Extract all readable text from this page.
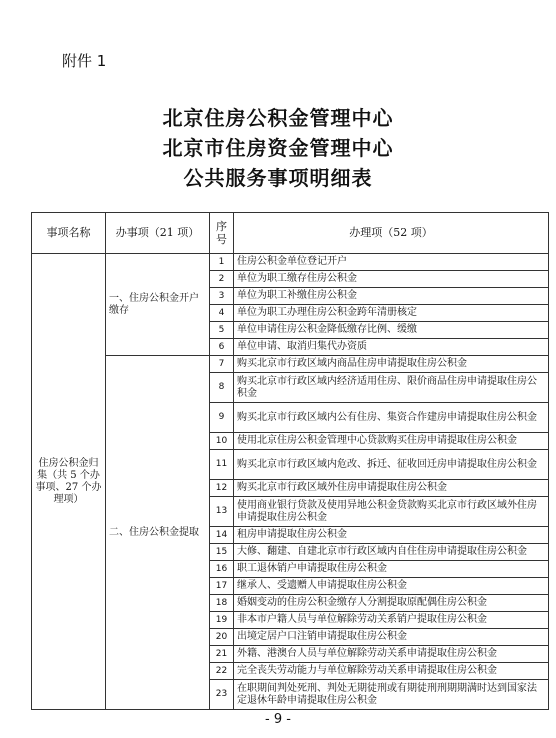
附件 1
北京住房公积金管理中心
北京市住房资金管理中心
公共服务事项明细表
事项名称	办事项（21 项）	序号	办理项（52 项）
住房公积金归集（共 5 个办事项、27 个办理项）	一、住房公积金开户缴存	1	住房公积金单位登记开户
		2	单位为职工缴存住房公积金
		3	单位为职工补缴住房公积金
		4	单位为职工办理住房公积金跨年清册核定
		5	单位申请住房公积金降低缴存比例、缓缴
		6	单位申请、取消归集代办资质
	二、住房公积金提取	7	购买北京市行政区域内商品住房申请提取住房公积金
		8	购买北京市行政区域内经济适用住房、限价商品住房申请提取住房公积金
		9	购买北京市行政区域内公有住房、集资合作建房申请提取住房公积金
		10	使用北京住房公积金管理中心贷款购买住房申请提取住房公积金
		11	购买北京市行政区域内危改、拆迁、征收回迁房申请提取住房公积金
		12	购买北京市行政区域外住房申请提取住房公积金
		13	使用商业银行贷款及使用异地公积金贷款购买北京市行政区域外住房申请提取住房公积金
		14	租房申请提取住房公积金
		15	大修、翻建、自建北京市行政区域内自住住房申请提取住房公积金
		16	职工退休销户申请提取住房公积金
		17	继承人、受遗赠人申请提取住房公积金
		18	婚姻变动的住房公积金缴存人分割提取原配偶住房公积金
		19	非本市户籍人员与单位解除劳动关系销户提取住房公积金
		20	出境定居户口注销申请提取住房公积金
		21	外籍、港澳台人员与单位解除劳动关系申请提取住房公积金
		22	完全丧失劳动能力与单位解除劳动关系申请提取住房公积金
		23	在职期间判处死刑、判处无期徒刑或有期徒刑刑期期满时达到国家法定退休年龄申请提取住房公积金
- 9 -
